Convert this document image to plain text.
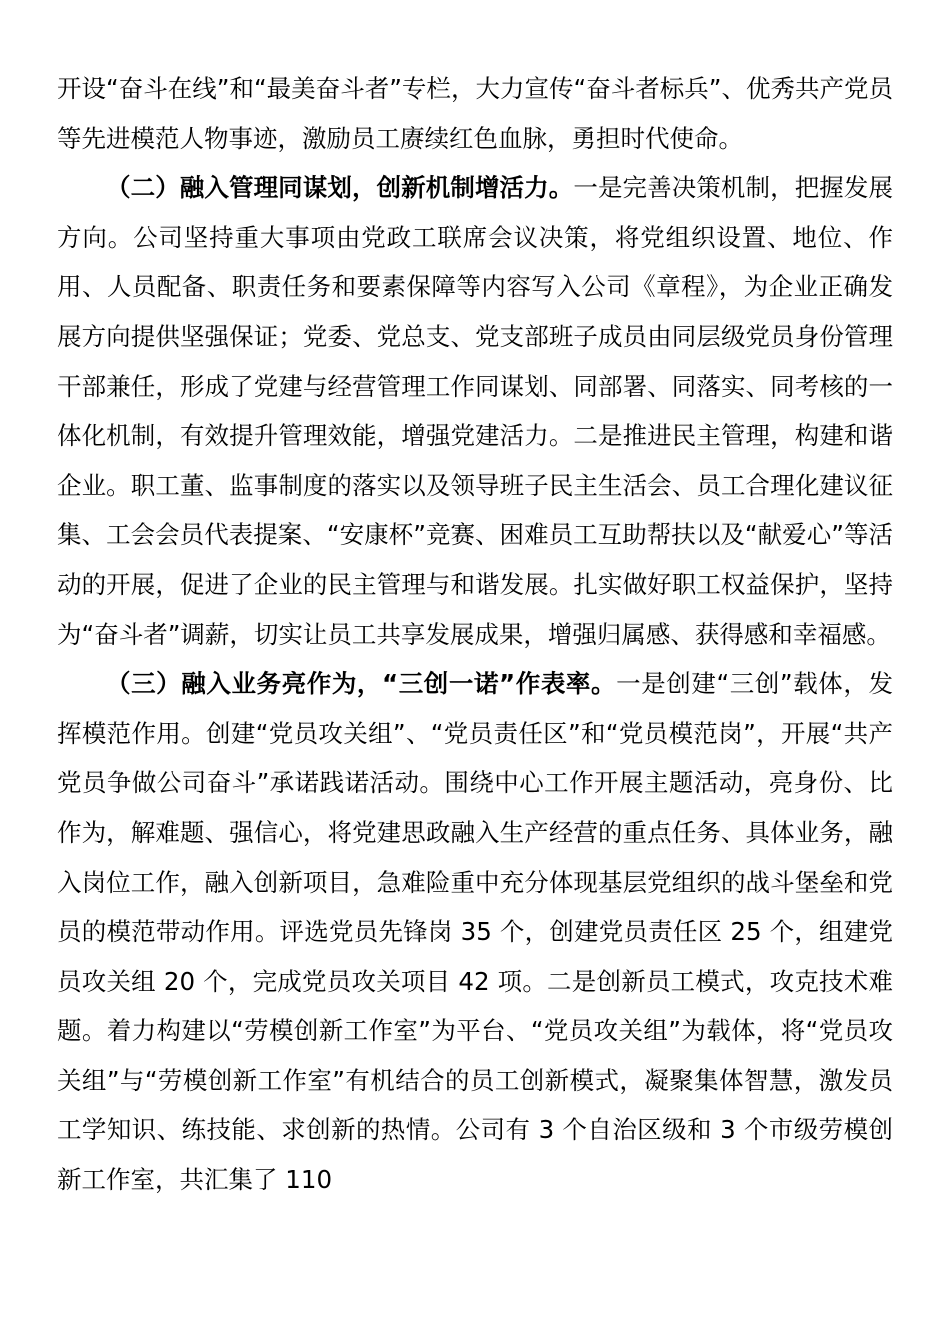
开设“奋斗在线”和“最美奋斗者”专栏，大力宣传“奋斗者标兵”、优秀共产党员等先进模范人物事迹，激励员工赓续红色血脉，勇担时代使命。

（二）融入管理同谋划，创新机制增活力。一是完善决策机制，把握发展方向。公司坚持重大事项由党政工联席会议决策，将党组织设置、地位、作用、人员配备、职责任务和要素保障等内容写入公司《章程》，为企业正确发展方向提供坚强保证；党委、党总支、党支部班子成员由同层级党员身份管理干部兼任，形成了党建与经营管理工作同谋划、同部署、同落实、同考核的一体化机制，有效提升管理效能，增强党建活力。二是推进民主管理，构建和谐企业。职工董、监事制度的落实以及领导班子民主生活会、员工合理化建议征集、工会会员代表提案、“安康杯”竞赛、困难员工互助帮扶以及“献爱心”等活动的开展，促进了企业的民主管理与和谐发展。扎实做好职工权益保护，坚持为“奋斗者”调薪，切实让员工共享发展成果，增强归属感、获得感和幸福感。

（三）融入业务亮作为，“三创一诺”作表率。一是创建“三创”载体，发挥模范作用。创建“党员攻关组”、“党员责任区”和“党员模范岗”，开展“共产党员争做公司奋斗”承诺践诺活动。围绕中心工作开展主题活动，亮身份、比作为，解难题、强信心，将党建思政融入生产经营的重点任务、具体业务，融入岗位工作，融入创新项目，急难险重中充分体现基层党组织的战斗堡垒和党员的模范带动作用。评选党员先锋岗 35 个，创建党员责任区 25 个，组建党员攻关组 20 个，完成党员攻关项目 42 项。二是创新员工模式，攻克技术难题。着力构建以“劳模创新工作室”为平台、“党员攻关组”为载体，将“党员攻关组”与“劳模创新工作室”有机结合的员工创新模式，凝聚集体智慧，激发员工学知识、练技能、求创新的热情。公司有 3 个自治区级和 3 个市级劳模创新工作室，共汇集了 110
